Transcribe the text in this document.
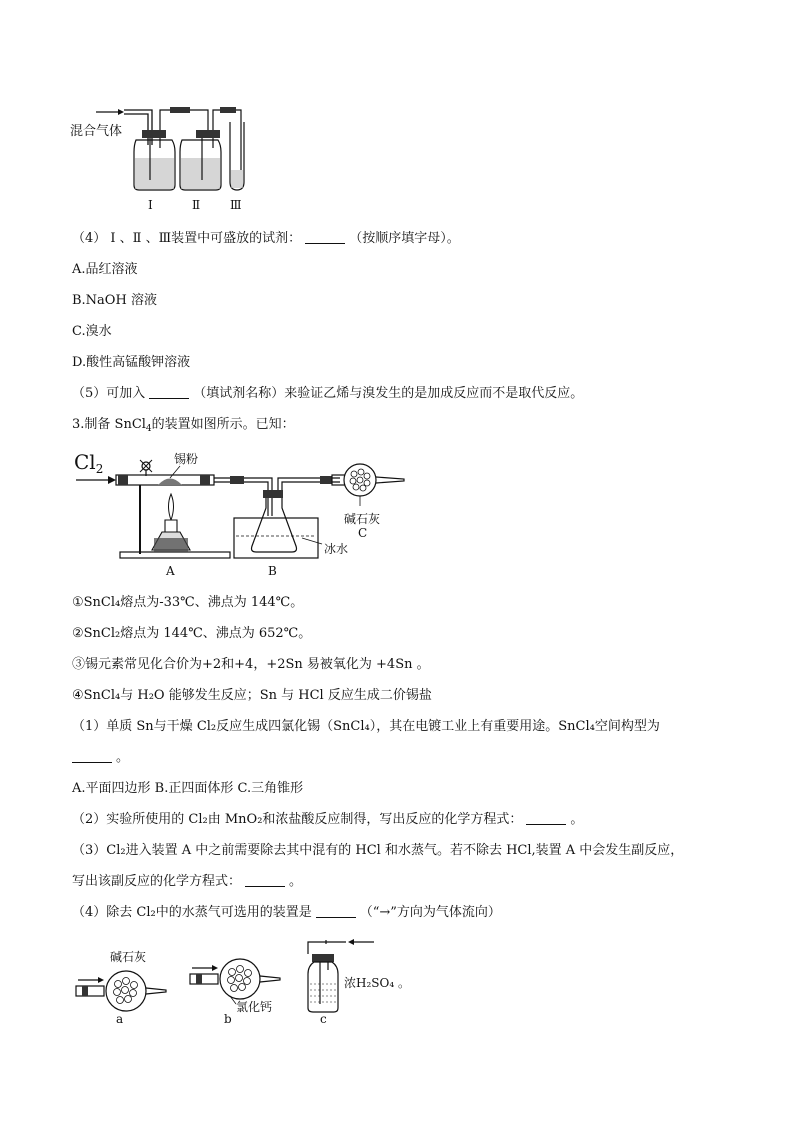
混合气体
Ⅰ	Ⅱ Ⅲ
（4） Ⅰ 、Ⅱ 、Ⅲ装置中可盛放的试剂：	（按顺序填字母）。
A.品红溶液
B.NaOH 溶液
C.溴水
D.酸性高锰酸钾溶液
（5）可加入	（填试剂名称）来验证乙烯与溴发生的是加成反应而不是取代反应。
3.制备 SnCl$_4$的装置如图所示。已知：
$Cl_2$
锡粉
碱石灰
C
冰水
A	B
①SnCl₄熔点为-33℃、沸点为 144℃。
②SnCl₂熔点为 144℃、沸点为 652℃。
③锡元素常见化合价为+2和+4，+2Sn 易被氧化为 +4Sn 。
④SnCl₄与 H₂O 能够发生反应；Sn 与 HCl 反应生成二价锡盐
（1）单质 Sn与干燥 Cl₂反应生成四氯化锡（SnCl₄），其在电镀工业上有重要用途。SnCl₄空间构型为
。
A.平面四边形 B.正四面体形 C.三角锥形
（2）实验所使用的 Cl₂由 MnO₂和浓盐酸反应制得，写出反应的化学方程式：	。
（3）Cl₂进入装置 A 中之前需要除去其中混有的 HCl 和水蒸气。若不除去 HCl,装置 A 中会发生副反应，
写出该副反应的化学方程式：	。
（4）除去 Cl₂中的水蒸气可选用的装置是	（“→”方向为气体流向）
碱石灰
氯化钙
浓H₂SO₄ 。
a	b	c
